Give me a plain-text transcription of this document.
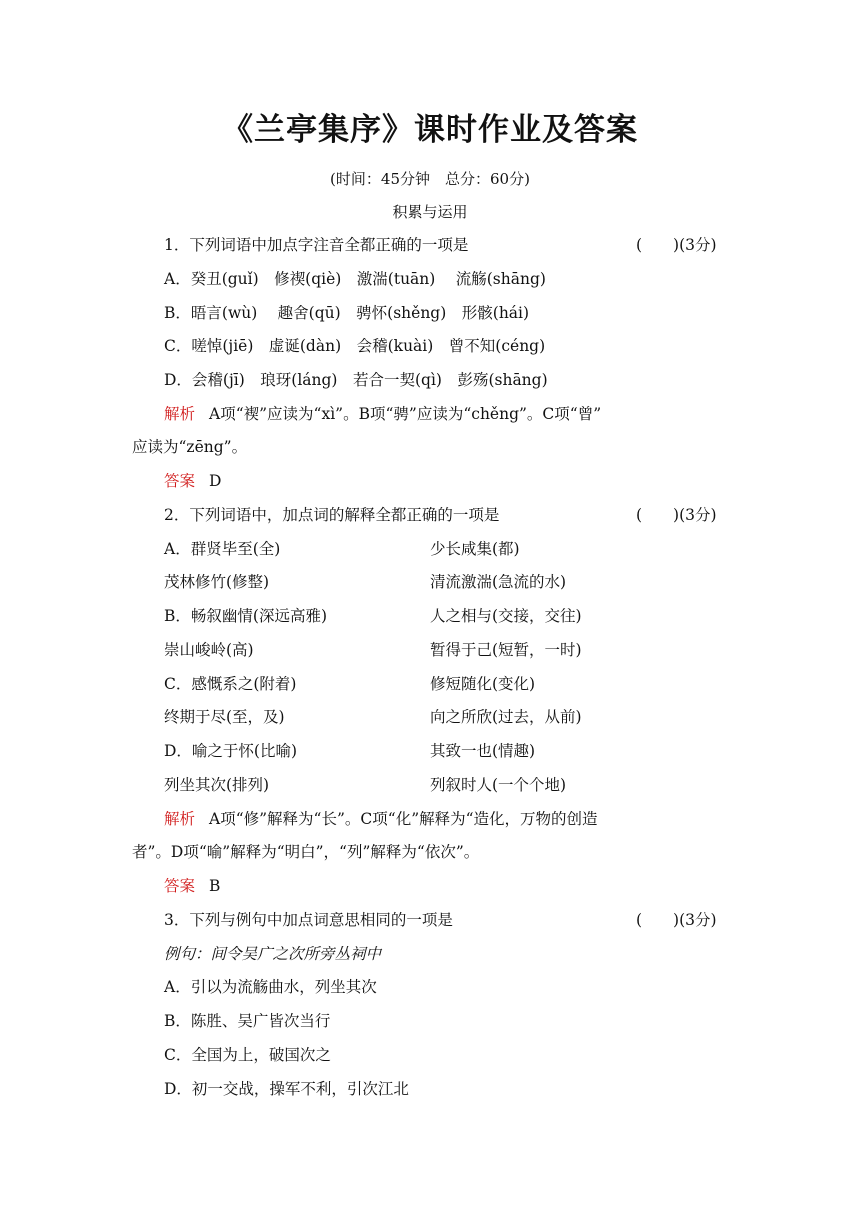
《兰亭集序》课时作业及答案
(时间：45分钟　总分：60分)
积累与运用
1．下列词语中加点字注音全都正确的一项是	(　　)(3分)
A．癸丑(guǐ)　修禊(qiè)　激湍(tuān)　 流觞(shāng)
B．晤言(wù)　 趣舍(qū)　骋怀(shěng)　形骸(hái)
C．嗟悼(jiē)　虚诞(dàn)　会稽(kuài)　曾不知(céng)
D．会稽(jī)　琅玡(láng)　若合一契(qì)　彭殇(shāng)
解析 A项“褉”应读为“xì”。B项“骋”应读为“chěng”。C项“曾”
应读为“zēng”。
答案 D
2．下列词语中，加点词的解释全都正确的一项是	(　　)(3分)
A．群贤毕至(全)	少长咸集(都)
茂林修竹(修整)	清流激湍(急流的水)
B．畅叙幽情(深远高雅)	人之相与(交接，交往)
崇山峻岭(高)	暂得于己(短暂，一时)
C．感慨系之(附着)	修短随化(变化)
终期于尽(至，及)	向之所欣(过去，从前)
D．喻之于怀(比喻)	其致一也(情趣)
列坐其次(排列)	列叙时人(一个个地)
解析 A项“修”解释为“长”。C项“化”解释为“造化，万物的创造
者”。D项“喻”解释为“明白”，“列”解释为“依次”。
答案 B
3．下列与例句中加点词意思相同的一项是	(　　)(3分)
例句：间令吴广之次所旁丛祠中
A．引以为流觞曲水，列坐其次
B．陈胜、吴广皆次当行
C．全国为上，破国次之
D．初一交战，操军不利，引次江北
